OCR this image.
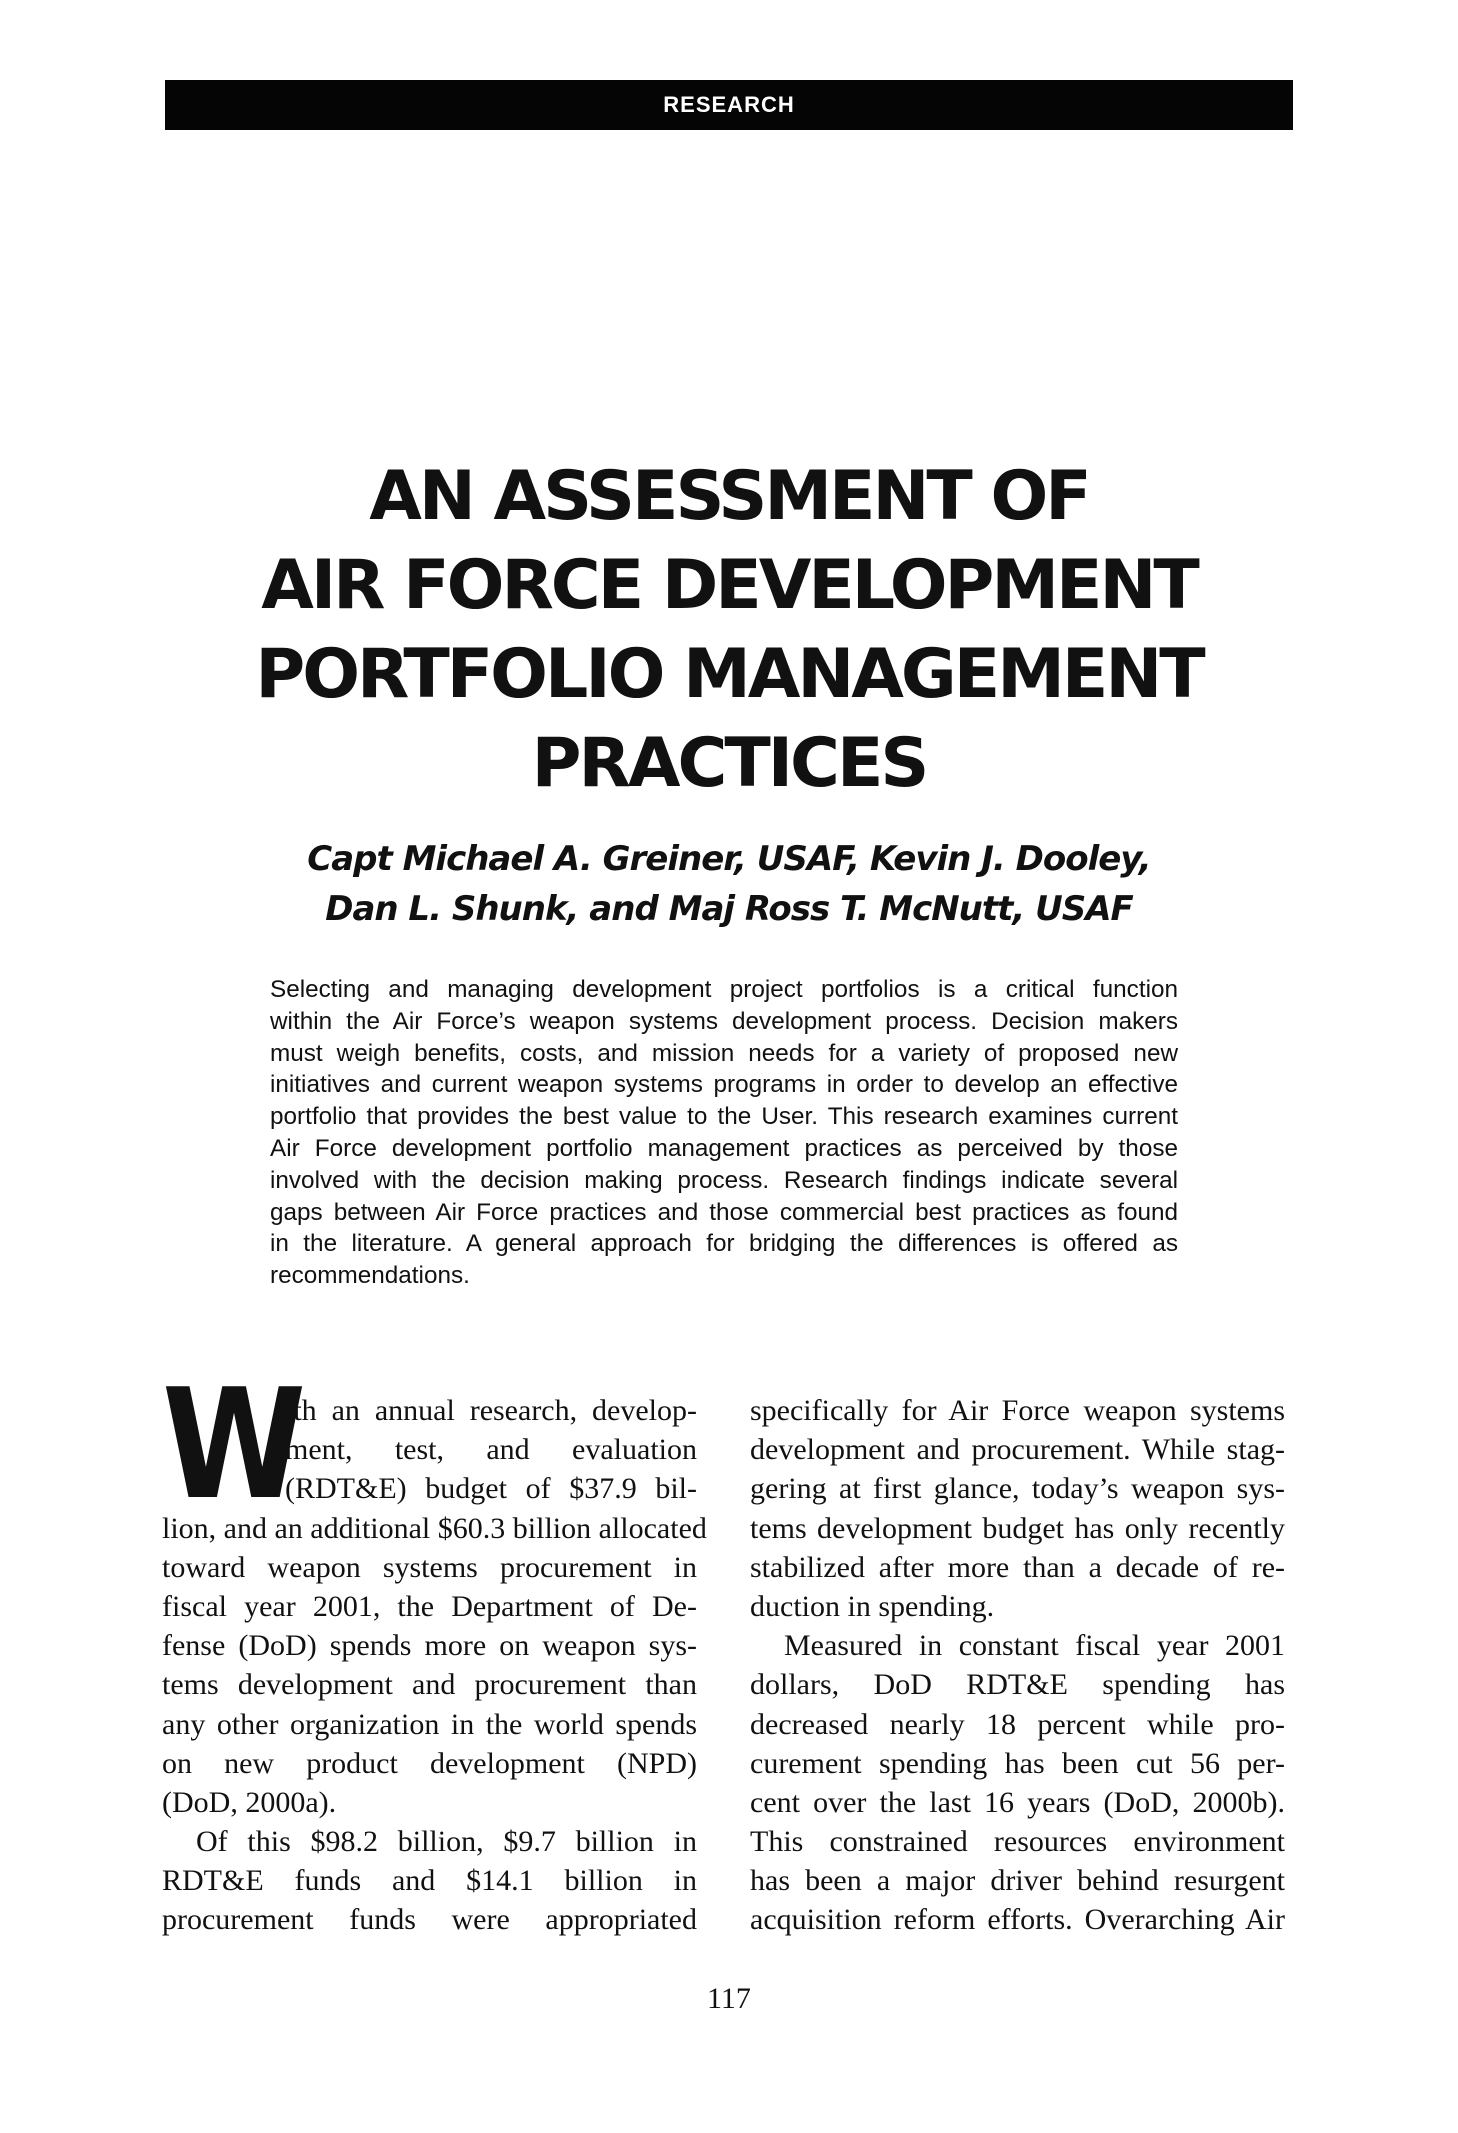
RESEARCH
AN ASSESSMENT OF
AIR FORCE DEVELOPMENT
PORTFOLIO MANAGEMENT
PRACTICES
Capt Michael A. Greiner, USAF, Kevin J. Dooley,
Dan L. Shunk, and Maj Ross T. McNutt, USAF
Selecting and managing development project portfolios is a critical function
within the Air Force’s weapon systems development process. Decision makers
must weigh benefits, costs, and mission needs for a variety of proposed new
initiatives and current weapon systems programs in order to develop an effective
portfolio that provides the best value to the User. This research examines current
Air Force development portfolio management practices as perceived by those
involved with the decision making process. Research findings indicate several
gaps between Air Force practices and those commercial best practices as found
in the literature. A general approach for bridging the differences is offered as
recommendations.
W
ith an annual research, develop-
ment, test, and evaluation
(RDT&E) budget of $37.9 bil-
lion, and an additional $60.3 billion allocated
toward weapon systems procurement in
fiscal year 2001, the Department of De-
fense (DoD) spends more on weapon sys-
tems development and procurement than
any other organization in the world spends
on new product development (NPD)
(DoD, 2000a).
Of this $98.2 billion, $9.7 billion in
RDT&E funds and $14.1 billion in
procurement funds were appropriated
specifically for Air Force weapon systems
development and procurement. While stag-
gering at first glance, today’s weapon sys-
tems development budget has only recently
stabilized after more than a decade of re-
duction in spending.
Measured in constant fiscal year 2001
dollars, DoD RDT&E spending has
decreased nearly 18 percent while pro-
curement spending has been cut 56 per-
cent over the last 16 years (DoD, 2000b).
This constrained resources environment
has been a major driver behind resurgent
acquisition reform efforts. Overarching Air
117
